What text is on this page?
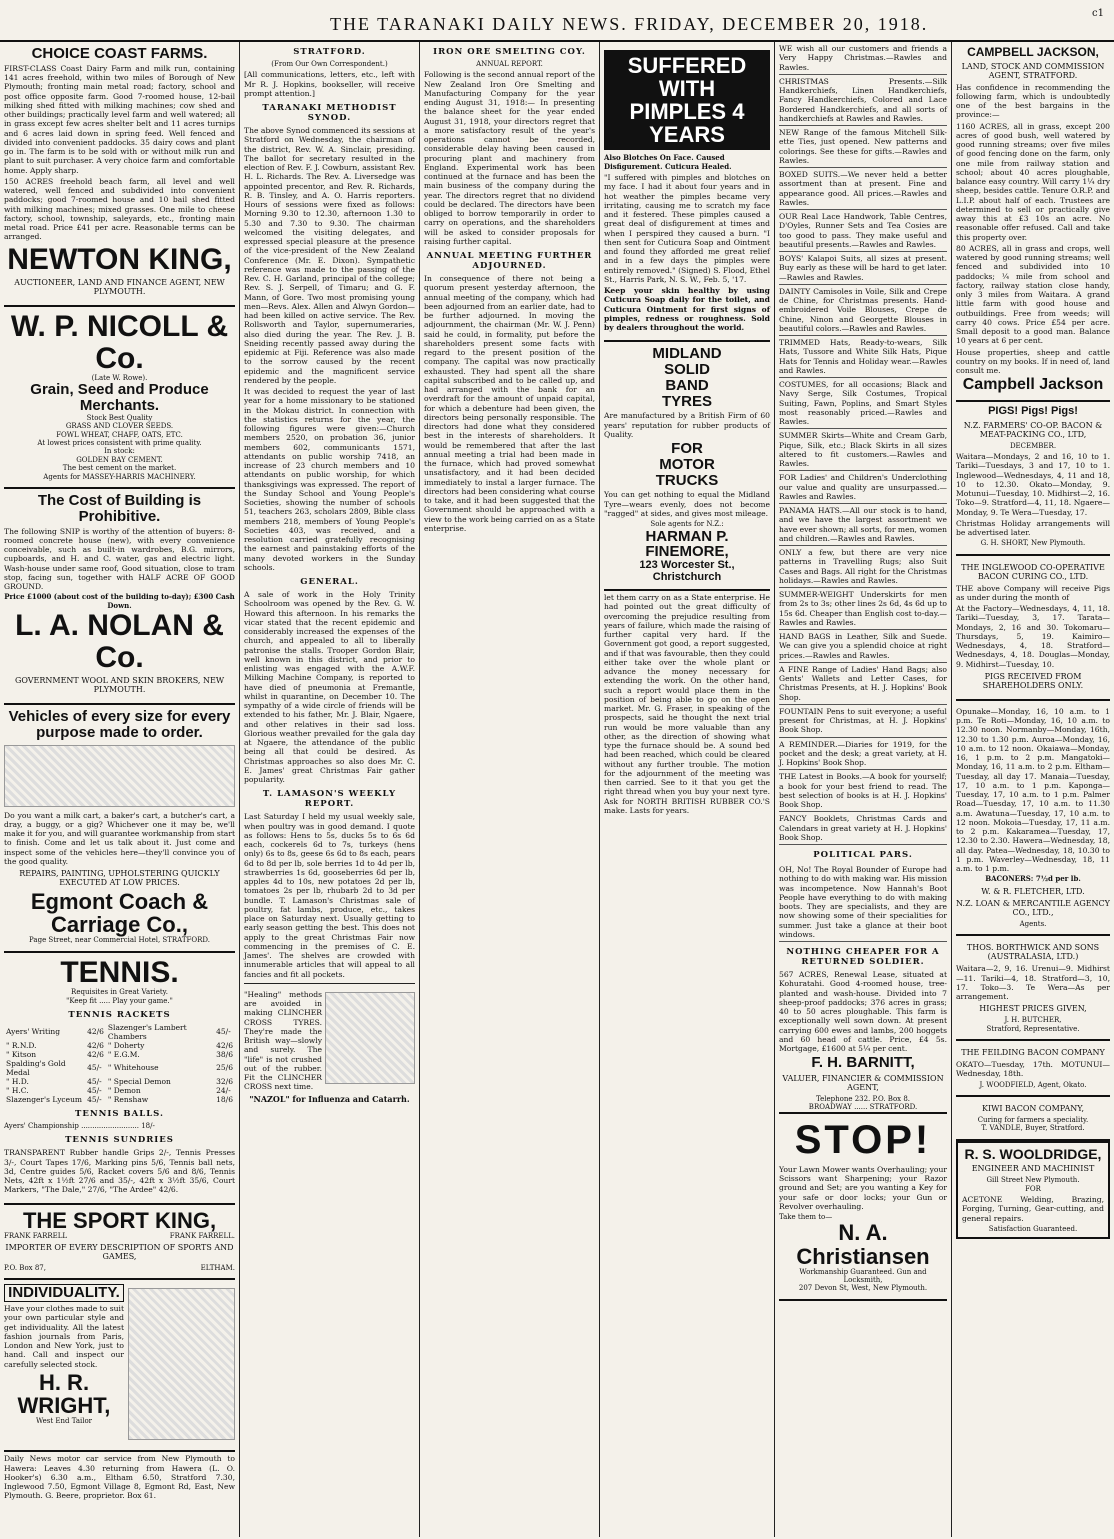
THE TARANAKI DAILY NEWS. FRIDAY, DECEMBER 20, 1918.
c1
CHOICE COAST FARMS.

FIRST-CLASS Coast Dairy Farm and milk run, containing 141 acres freehold, within two miles of Borough of New Plymouth; fronting main metal road; factory, school and post office opposite farm. Good 7-roomed house, 12-bail milking shed fitted with milking machines; cow shed and other buildings; practically level farm and well watered; all in grass except few acres shelter belt and 11 acres turnips and 6 acres laid down in spring feed. Well fenced and divided into convenient paddocks. 35 dairy cows and plant go in. The farm is to be sold with or without milk run and plant to suit purchaser. A very choice farm and comfortable home. Apply sharp.

150 ACRES freehold beach farm, all level and well watered, well fenced and subdivided into convenient paddocks; good 7-roomed house and 10 bail shed fitted with milking machines; mixed grasses. One mile to cheese factory, school, township, saleyards, etc., fronting main metal road. Price £41 per acre. Reasonable terms can be arranged.

NEWTON KING,
AUCTIONEER, LAND AND FINANCE AGENT, NEW PLYMOUTH.
W. P. NICOLL & Co.
(Late W. Rowe).
Grain, Seed and Produce Merchants.
Stock Best Quality
GRASS AND CLOVER SEEDS.
FOWL WHEAT, CHAFF, OATS, ETC.
At lowest prices consistent with prime quality.
In stock:
GOLDEN BAY CEMENT.
The best cement on the market.
Agents for MASSEY-HARRIS MACHINERY.
The Cost of Building is Prohibitive.

The following SNIP is worthy of the attention of buyers: 8-roomed concrete house (new), with every convenience conceivable, such as built-in wardrobes, B.G. mirrors, cupboards, and H. and C. water, gas and electric light. Wash-house under same roof, Good situation, close to tram stop, facing sun, together with HALF ACRE OF GOOD GROUND.

Price £1000 (about cost of the building to-day); £300 Cash Down.
L. A. NOLAN & Co.
GOVERNMENT WOOL AND SKIN BROKERS, NEW PLYMOUTH.
Vehicles of every size for every purpose made to order.

Do you want a milk cart, a baker's cart, a butcher's cart, a dray, a buggy, or a gig? Whichever one it may be, we'll make it for you, and will guarantee workmanship from start to finish. Come and let us talk about it. Just come and inspect some of the vehicles here—they'll convince you of the good quality.

REPAIRS, PAINTING, UPHOLSTERING QUICKLY EXECUTED AT LOW PRICES.
Egmont Coach & Carriage Co.,
Page Street, near Commercial Hotel, STRATFORD.
TENNIS.
Requisites in Great Variety.
"Keep fit ..... Play your game."
TENNIS RACKETS
Ayers' Writing	42/6	Slazenger's Lambert Chambers	45/-
" R.N.D.	42/6	" Doherty	42/6
" Kitson	42/6	" E.G.M.	38/6
Spalding's Gold Medal	45/-	" Whitehouse	25/6
" H.D.	45/-	" Special Demon	32/6
" H.C.	45/-	" Demon	24/-
Slazenger's Lyceum	45/-	" Renshaw	18/6
TENNIS BALLS.
Ayers' Championship .......................... 18/-
TENNIS SUNDRIES

TRANSPARENT Rubber handle Grips 2/-, Tennis Presses 3/-, Court Tapes 17/6, Marking pins 5/6, Tennis ball nets, 3d, Centre guides 5/6, Racket covers 5/6 and 8/6, Tennis Nets, 42ft x 1½ft 27/6 and 35/-, 42ft x 3½ft 35/6, Court Markers, "The Dale," 27/6, "The Ardee" 42/6.

THE SPORT KING,
FRANK FARRELL	FRANK FARRELL.
IMPORTER OF EVERY DESCRIPTION OF SPORTS AND GAMES,
P.O. Box 87,	ELTHAM.
INDIVIDUALITY.

Have your clothes made to suit your own particular style and get individuality. All the latest fashion journals from Paris, London and New York, just to hand. Call and inspect our carefully selected stock.

H. R. WRIGHT,
West End Tailor

Daily News motor car service from New Plymouth to Hawera: Leaves 4.30 returning from Hawera (L. O. Hooker's) 6.30 a.m., Eltham 6.50, Stratford 7.30, Inglewood 7.50, Egmont Village 8, Egmont Rd, East, New Plymouth. G. Beere, proprietor. Box 61.

STRATFORD.
(From Our Own Correspondent.)

[All communications, letters, etc., left with Mr R. J. Hopkins, bookseller, will receive prompt attention.]

TARANAKI METHODIST SYNOD.

The above Synod commenced its sessions at Stratford on Wednesday, the chairman of the district, Rev. W. A. Sinclair, presiding. The ballot for secretary resulted in the election of Rev. F. J. Cowburn, assistant Rev. H. L. Richards. The Rev. A. Liversedge was appointed precentor, and Rev. R. Richards, R. B. Tinsley, and A. O. Harris reporters. Hours of sessions were fixed as follows: Morning 9.30 to 12.30, afternoon 1.30 to 5.30 and 7.30 to 9.30. The chairman welcomed the visiting delegates, and expressed special pleasure at the presence of the vice-president of the New Zealand Conference (Mr. E. Dixon). Sympathetic reference was made to the passing of the Rev. C. H. Garland, principal of the college; Rev. S. J. Serpell, of Timaru; and G. F. Mann, of Gore. Two most promising young men—Revs. Alex. Allen and Alwyn Gordon—had been killed on active service. The Rev. Rollsworth and Taylor, supernumeraries, also died during the year. The Rev. J. B. Sneiding recently passed away during the epidemic at Fiji. Reference was also made to the sorrow caused by the recent epidemic and the magnificent service rendered by the people.

It was decided to request the year of last year for a home missionary to be stationed in the Mokau district. In connection with the statistics returns for the year, the following figures were given:—Church members 2520, on probation 36, junior members 602, communicants 1571, attendants on public worship 7418, an increase of 23 church members and 10 attendants on public worship, for which thanksgivings was expressed. The report of the Sunday School and Young People's Societies, showing the number of schools 51, teachers 263, scholars 2809, Bible class members 218, members of Young People's Societies 403, was received, and a resolution carried gratefully recognising the earnest and painstaking efforts of the many devoted workers in the Sunday schools.

GENERAL.

A sale of work in the Holy Trinity Schoolroom was opened by the Rev. G. W. Howard this afternoon. In his remarks the vicar stated that the recent epidemic and considerably increased the expenses of the church, and appealed to all to liberally patronise the stalls. Trooper Gordon Blair, well known in this district, and prior to enlisting was engaged with the A.W.F. Milking Machine Company, is reported to have died of pneumonia at Fremantle, whilst in quarantine, on December 10. The sympathy of a wide circle of friends will be extended to his father, Mr. J. Blair, Ngaere, and other relatives in their sad loss. Glorious weather prevailed for the gala day at Ngaere, the attendance of the public being all that could be desired. As Christmas approaches so also does Mr. C. E. James' great Christmas Fair gather popularity.

T. LAMASON'S WEEKLY REPORT.

Last Saturday I held my usual weekly sale, when poultry was in good demand. I quote as follows: Hens to 5s, ducks 5s to 6s 6d each, cockerels 6d to 7s, turkeys (hens only) 6s to 8s, geese 6s 6d to 8s each, pears 6d to 8d per lb, sole berries 1d to 4d per lb, strawberries 1s 6d, gooseberries 6d per lb, apples 4d to 10s, new potatoes 2d per lb, tomatoes 2s per lb, rhubarb 2d to 3d per bundle. T. Lamason's Christmas sale of poultry, fat lambs, produce, etc., takes place on Saturday next. Usually getting to early season getting the best. This does not apply to the great Christmas Fair now commencing in the premises of C. E. James'. The shelves are crowded with innumerable articles that will appeal to all fancies and fit all pockets.

"Healing" methods are avoided in making CLINCHER CROSS TYRES. They're made the British way—slowly and surely. The "life" is not crushed out of the rubber. Fit the CLINCHER CROSS next time.

"NAZOL" for Influenza and Catarrh.
IRON ORE SMELTING COY.
ANNUAL REPORT.

Following is the second annual report of the New Zealand Iron Ore Smelting and Manufacturing Company for the year ending August 31, 1918:— In presenting the balance sheet for the year ended August 31, 1918, your directors regret that a more satisfactory result of the year's operations cannot be recorded, considerable delay having been caused in procuring plant and machinery from England. Experimental work has been continued at the furnace and has been the main business of the company during the year. The directors regret that no dividend could be declared. The directors have been obliged to borrow temporarily in order to carry on operations, and the shareholders will be asked to consider proposals for raising further capital.

ANNUAL MEETING FURTHER ADJOURNED.

In consequence of there not being a quorum present yesterday afternoon, the annual meeting of the company, which had been adjourned from an earlier date, had to be further adjourned. In moving the adjournment, the chairman (Mr. W. J. Penn) said he could, in formality, put before the shareholders present some facts with regard to the present position of the company. The capital was now practically exhausted. They had spent all the share capital subscribed and to be called up, and had arranged with the bank for an overdraft for the amount of unpaid capital, for which a debenture had been given, the directors being personally responsible. The directors had done what they considered best in the interests of shareholders. It would be remembered that after the last annual meeting a trial had been made in the furnace, which had proved somewhat unsatisfactory, and it had been decided immediately to instal a larger furnace. The directors had been considering what course to take, and it had been suggested that the Government should be approached with a view to the work being carried on as a State enterprise.

SUFFERED WITH PIMPLES 4 YEARS
Also Blotches On Face. Caused Disfigurement. Cuticura Healed.

"I suffered with pimples and blotches on my face. I had it about four years and in hot weather the pimples became very irritating, causing me to scratch my face and it festered. These pimples caused a great deal of disfigurement at times and when I perspired they caused a burn. "I then sent for Cuticura Soap and Ointment and found they afforded me great relief and in a few days the pimples were entirely removed." (Signed) S. Flood, Ethel St., Harris Park, N. S. W., Feb. 5, '17.

Keep your skin healthy by using Cuticura Soap daily for the toilet, and Cuticura Ointment for first signs of pimples, redness or roughness. Sold by dealers throughout the world.

MIDLAND
SOLID
BAND
TYRES

Are manufactured by a British Firm of 60 years' reputation for rubber products of Quality.

FOR
MOTOR
TRUCKS

You can get nothing to equal the Midland Tyre—wears evenly, does not become "ragged" at sides, and gives most mileage.

Sole agents for N.Z.:
HARMAN P. FINEMORE,
123 Worcester St., Christchurch

let them carry on as a State enterprise. He had pointed out the great difficulty of overcoming the prejudice resulting from years of failure, which made the raising of further capital very hard. If the Government got good, a report suggested, and if that was favourable, then they could either take over the whole plant or advance the money necessary for extending the work. On the other hand, such a report would place them in the position of being able to go on the open market. Mr. G. Fraser, in speaking of the prospects, said he thought the next trial run would be more valuable than any other, as the direction of showing what type the furnace should be. A sound bed had been reached, which could be cleared without any further trouble. The motion for the adjournment of the meeting was then carried. See to it that you get the right thread when you buy your next tyre. Ask for NORTH BRITISH RUBBER CO.'S make. Lasts for years.

WE wish all our customers and friends a Very Happy Christmas.—Rawles and Rawles.

CHRISTMAS Presents.—Silk Handkerchiefs, Linen Handkerchiefs, Fancy Handkerchiefs, Colored and Lace Bordered Handkerchiefs, and all sorts of handkerchiefs at Rawles and Rawles.

NEW Range of the famous Mitchell Silk-ette Ties, just opened. New patterns and colorings. See these for gifts.—Rawles and Rawles.

BOXED SUITS.—We never held a better assortment than at present. Fine and appearance good. All prices.—Rawles and Rawles.

OUR Real Lace Handwork, Table Centres, D'Oyles, Runner Sets and Tea Cosies are too good to pass. They make useful and beautiful presents.—Rawles and Rawles.

BOYS' Kalapoi Suits, all sizes at present. Buy early as these will be hard to get later.—Rawles and Rawles.

DAINTY Camisoles in Voile, Silk and Crepe de Chine, for Christmas presents. Hand-embroidered Voile Blouses, Crepe de Chine, Ninon and Georgette Blouses in beautiful colors.—Rawles and Rawles.

TRIMMED Hats, Ready-to-wears, Silk Hats, Tussore and White Silk Hats, Pique Hats for Tennis and Holiday wear.—Rawles and Rawles.

COSTUMES, for all occasions; Black and Navy Serge, Silk Costumes, Tropical Suiting, Fawn, Poplins, and Smart Styles most reasonably priced.—Rawles and Rawles.

SUMMER Skirts—White and Cream Garb, Pique, Silk, etc.; Black Skirts in all sizes altered to fit customers.—Rawles and Rawles.

FOR Ladies' and Children's Underclothing our value and quality are unsurpassed.—Rawles and Rawles.

PANAMA HATS.—All our stock is to hand, and we have the largest assortment we have ever shown; all sorts, for men, women and children.—Rawles and Rawles.

ONLY a few, but there are very nice patterns in Travelling Rugs; also Suit Cases and Bags. All right for the Christmas holidays.—Rawles and Rawles.

SUMMER-WEIGHT Underskirts for men from 2s to 3s; other lines 2s 6d, 4s 6d up to 15s 6d. Cheaper than English cost to-day.—Rawles and Rawles.

HAND BAGS in Leather, Silk and Suede. We can give you a splendid choice at right prices.—Rawles and Rawles.

A FINE Range of Ladies' Hand Bags; also Gents' Wallets and Letter Cases, for Christmas Presents, at H. J. Hopkins' Book Shop.

FOUNTAIN Pens to suit everyone; a useful present for Christmas, at H. J. Hopkins' Book Shop.

A REMINDER.—Diaries for 1919, for the pocket and the desk; a great variety, at H. J. Hopkins' Book Shop.

THE Latest in Books.—A book for yourself; a book for your best friend to read. The best selection of books is at H. J. Hopkins' Book Shop.

FANCY Booklets, Christmas Cards and Calendars in great variety at H. J. Hopkins' Book Shop.

POLITICAL PARS.

OH, No! The Royal Bounder of Europe had nothing to do with making war. His mission was incompetence. Now Hannah's Boot People have everything to do with making boots. They are specialists, and they are now showing some of their specialities for summer. Just take a glance at their boot windows.

NOTHING CHEAPER FOR A RETURNED SOLDIER.

567 ACRES, Renewal Lease, situated at Kohuratahi. Good 4-roomed house, tree-planted and wash-house. Divided into 7 sheep-proof paddocks; 376 acres in grass; 40 to 50 acres ploughable. This farm is exceptionally well sown down. At present carrying 600 ewes and lambs, 200 hoggets and 60 head of cattle. Price, £4 5s. Mortgage, £1600 at 5¼ per cent.

F. H. BARNITT,
VALUER, FINANCIER & COMMISSION AGENT,
Telephone 232. P.O. Box 8.
BROADWAY ...... STRATFORD.
STOP!

Your Lawn Mower wants Overhauling; your Scissors want Sharpening; your Razor ground and Set; are you wanting a Key for your safe or door locks; your Gun or Revolver overhauling.

Take them to—
N. A. Christiansen
Workmanship Guaranteed. Gun and Locksmith,
207 Devon St, West, New Plymouth.
CAMPBELL JACKSON,
LAND, STOCK AND COMMISSION AGENT, STRATFORD.

Has confidence in recommending the following farm, which is undoubtedly one of the best bargains in the province:—

1160 ACRES, all in grass, except 200 acres of good bush, well watered by good running streams; over five miles of good fencing done on the farm, only one mile from railway station and school; about 40 acres ploughable, balance easy country. Will carry 1¼ dry sheep, besides cattle. Tenure O.R.P. and L.I.P. about half of each. Trustees are determined to sell or practically give away this at £3 10s an acre. No reasonable offer refused. Call and take this property over.

80 ACRES, all in grass and crops, well watered by good running streams; well fenced and subdivided into 10 paddocks; ¼ mile from school and factory, railway station close handy, only 3 miles from Waitara. A grand little farm with good house and outbuildings. Free from weeds; will carry 40 cows. Price £54 per acre. Small deposit to a good man. Balance 10 years at 6 per cent.

House properties, sheep and cattle country on my books. If in need of, land consult me.

Campbell Jackson
PIGS! Pigs! Pigs!
N.Z. FARMERS' CO-OP. BACON & MEAT-PACKING CO., LTD,
DECEMBER.

Waitara—Mondays, 2 and 16, 10 to 1. Tariki—Tuesdays, 3 and 17, 10 to 1. Inglewood—Wednesdays, 4, 11 and 18, 10 to 12.30. Okato—Monday, 9. Motunui—Tuesday, 10. Midhirst—2, 16. Toko—9. Stratford—4, 11, 18. Ngaere—Monday, 9. Te Wera—Tuesday, 17.

Christmas Holiday arrangements will be advertised later.

G. H. SHORT, New Plymouth.
THE INGLEWOOD CO-OPERATIVE BACON CURING CO., LTD.

THE above Company will receive Pigs as under during the month of

At the Factory—Wednesdays, 4, 11, 18. Tariki—Tuesday, 3, 17. Tarata—Mondays, 2, 16 and 30. Tokomaru—Thursdays, 5, 19. Kaimiro—Wednesdays, 4, 18. Stratford—Wednesdays, 4, 18. Douglas—Monday, 9. Midhirst—Tuesday, 10.

PIGS RECEIVED FROM SHAREHOLDERS ONLY.

Opunake—Monday, 16, 10 a.m. to 1 p.m. Te Roti—Monday, 16, 10 a.m. to 12.30 noon. Normanby—Monday, 16th, 12.30 to 1.30 p.m. Auroa—Monday, 16, 10 a.m. to 12 noon. Okaiawa—Monday, 16, 1 p.m. to 2 p.m. Mangatoki—Monday, 16, 11 a.m. to 2 p.m. Eltham—Tuesday, all day 17. Manaia—Tuesday, 17, 10 a.m. to 1 p.m. Kaponga—Tuesday, 17, 10 a.m. to 1 p.m. Palmer Road—Tuesday, 17, 10 a.m. to 11.30 a.m. Awatuna—Tuesday, 17, 10 a.m. to 12 noon. Mokoia—Tuesday, 17, 11 a.m. to 2 p.m. Kakaramea—Tuesday, 17, 12.30 to 2.30. Hawera—Wednesday, 18, all day. Patea—Wednesday, 18, 10.30 to 1 p.m. Waverley—Wednesday, 18, 11 a.m. to 1 p.m.

BACONERS: 7½d per lb.
W. & R. FLETCHER, LTD.
N.Z. LOAN & MERCANTILE AGENCY CO., LTD.,
Agents.
THOS. BORTHWICK AND SONS (AUSTRALASIA, LTD.)

Waitara—2, 9, 16. Urenui—9. Midhirst—11. Tariki—4, 18. Stratford—3, 10, 17. Toko—3. Te Wera—As per arrangement.

HIGHEST PRICES GIVEN,
J. H. BUTCHER,
Stratford, Representative.
THE FEILDING BACON COMPANY

OKATO—Tuesday, 17th. MOTUNUI—Wednesday, 18th.

J. WOODFIELD, Agent, Okato.
KIWI BACON COMPANY,
Curing for farmers a speciality.
T. VANDLE, Buyer, Stratford.
R. S. WOOLDRIDGE,
ENGINEER AND MACHINIST
Gill Street New Plymouth.
FOR

ACETONE Welding, Brazing, Forging, Turning, Gear-cutting, and general repairs.

Satisfaction Guaranteed.
